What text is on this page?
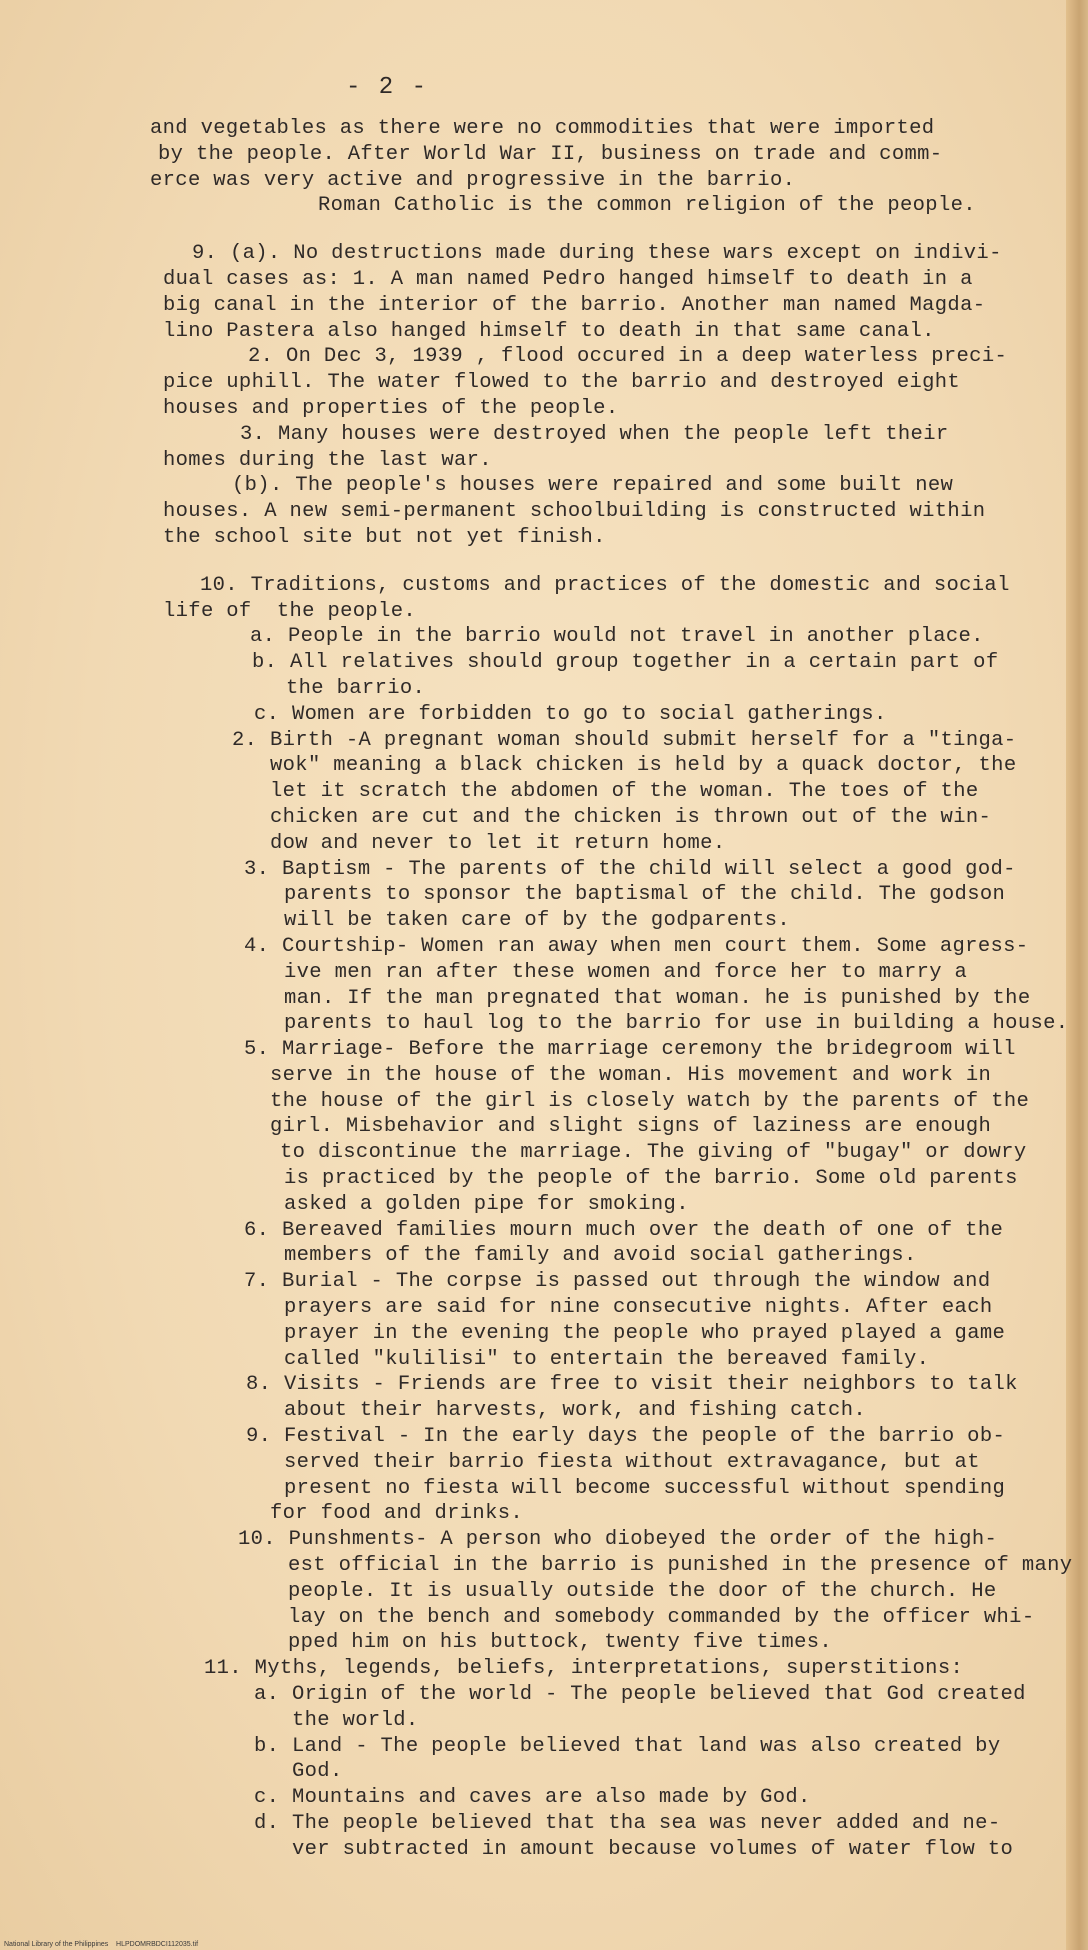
- 2 -
and vegetables as there were no commodities that were imported
by the people. After World War II, business on trade and comm-
erce was very active and progressive in the barrio.
Roman Catholic is the common religion of the people.
9. (a). No destructions made during these wars except on indivi-
dual cases as: 1. A man named Pedro hanged himself to death in a
big canal in the interior of the barrio. Another man named Magda-
lino Pastera also hanged himself to death in that same canal.
2. On Dec 3, 1939 , flood occured in a deep waterless preci-
pice uphill. The water flowed to the barrio and destroyed eight
houses and properties of the people.
3. Many houses were destroyed when the people left their
homes during the last war.
(b). The people's houses were repaired and some built new
houses. A new semi-permanent schoolbuilding is constructed within
the school site but not yet finish.
10. Traditions, customs and practices of the domestic and social
life of  the people.
a. People in the barrio would not travel in another place.
b. All relatives should group together in a certain part of
the barrio.
c. Women are forbidden to go to social gatherings.
2. Birth -A pregnant woman should submit herself for a "tinga-
wok" meaning a black chicken is held by a quack doctor, the
let it scratch the abdomen of the woman. The toes of the
chicken are cut and the chicken is thrown out of the win-
dow and never to let it return home.
3. Baptism - The parents of the child will select a good god-
parents to sponsor the baptismal of the child. The godson
will be taken care of by the godparents.
4. Courtship- Women ran away when men court them. Some agress-
ive men ran after these women and force her to marry a
man. If the man pregnated that woman. he is punished by the
parents to haul log to the barrio for use in building a house.
5. Marriage- Before the marriage ceremony the bridegroom will
serve in the house of the woman. His movement and work in
the house of the girl is closely watch by the parents of the
girl. Misbehavior and slight signs of laziness are enough
to discontinue the marriage. The giving of "bugay" or dowry
is practiced by the people of the barrio. Some old parents
asked a golden pipe for smoking.
6. Bereaved families mourn much over the death of one of the
members of the family and avoid social gatherings.
7. Burial - The corpse is passed out through the window and
prayers are said for nine consecutive nights. After each
prayer in the evening the people who prayed played a game
called "kulilisi" to entertain the bereaved family.
8. Visits - Friends are free to visit their neighbors to talk
about their harvests, work, and fishing catch.
9. Festival - In the early days the people of the barrio ob-
served their barrio fiesta without extravagance, but at
present no fiesta will become successful without spending
for food and drinks.
10. Punshments- A person who diobeyed the order of the high-
est official in the barrio is punished in the presence of many
people. It is usually outside the door of the church. He
lay on the bench and somebody commanded by the officer whi-
pped him on his buttock, twenty five times.
11. Myths, legends, beliefs, interpretations, superstitions:
a. Origin of the world - The people believed that God created
the world.
b. Land - The people believed that land was also created by
God.
c. Mountains and caves are also made by God.
d. The people believed that tha sea was never added and ne-
ver subtracted in amount because volumes of water flow to
National Library of the Philippines    HLPDOMRBDCI112035.tif
